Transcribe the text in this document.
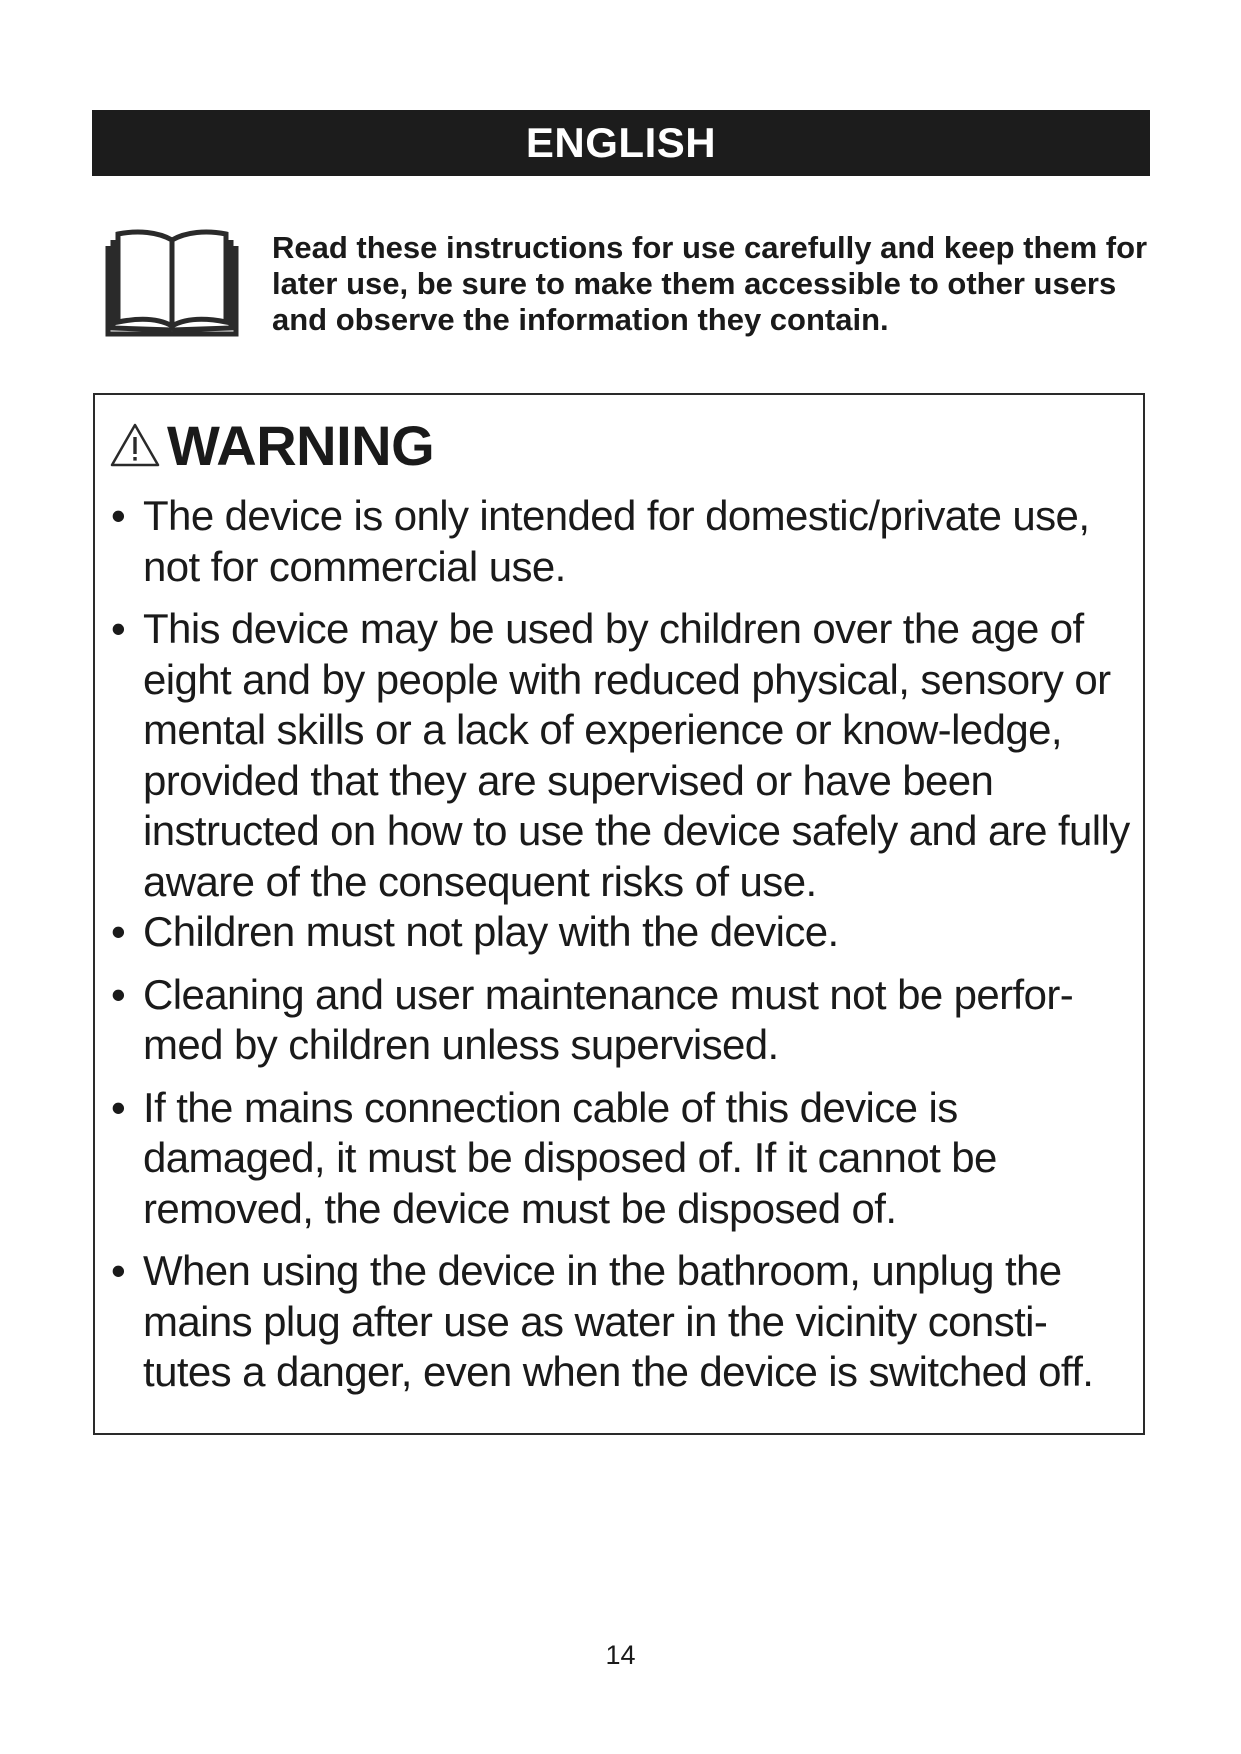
ENGLISH

Read these instructions for use carefully and keep them for later use, be sure to make them accessible to other users and observe the information they contain.

WARNING
• The device is only intended for domestic/private use, not for commercial use.
• This device may be used by children over the age of eight and by people with reduced physical, sensory or mental skills or a lack of experience or know-ledge, provided that they are supervised or have been instructed on how to use the device safely and are fully aware of the consequent risks of use.
• Children must not play with the device.
• Cleaning and user maintenance must not be perfor-med by children unless supervised.
• If the mains connection cable of this device is damaged, it must be disposed of. If it cannot be removed, the device must be disposed of.
• When using the device in the bathroom, unplug the mains plug after use as water in the vicinity consti-tutes a danger, even when the device is switched off.
14
